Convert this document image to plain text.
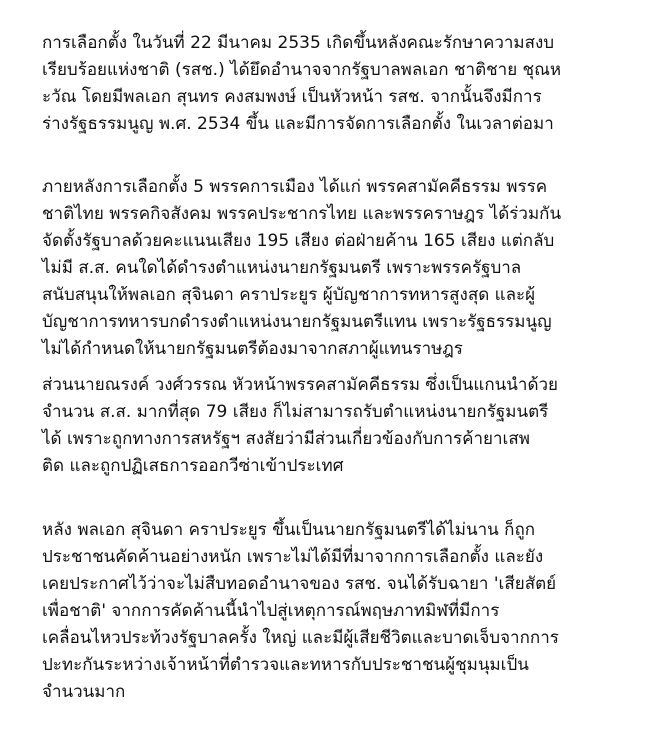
การเลือกตั้ง ในวันที่ 22 มีนาคม 2535 เกิดขึ้นหลังคณะรักษาความสงบ
เรียบร้อยแห่งชาติ (รสช.) ได้ยึดอำนาจจากรัฐบาลพลเอก ชาติชาย ชุณห
ะวัณ โดยมีพลเอก สุนทร คงสมพงษ์ เป็นหัวหน้า รสช. จากนั้นจึงมีการ
ร่างรัฐธรรมนูญ พ.ศ. 2534 ขึ้น และมีการจัดการเลือกตั้ง ในเวลาต่อมา

ภายหลังการเลือกตั้ง 5 พรรคการเมือง ได้แก่ พรรคสามัคคีธรรม พรรค
ชาติไทย พรรคกิจสังคม พรรคประชากรไทย และพรรคราษฎร ได้ร่วมกัน
จัดตั้งรัฐบาลด้วยคะแนนเสียง 195 เสียง ต่อฝ่ายค้าน 165 เสียง แต่กลับ
ไม่มี ส.ส. คนใดได้ดำรงตำแหน่งนายกรัฐมนตรี เพราะพรรครัฐบาล
สนับสนุนให้พลเอก สุจินดา คราประยูร ผู้บัญชาการทหารสูงสุด และผู้
บัญชาการทหารบกดำรงตำแหน่งนายกรัฐมนตรีแทน เพราะรัฐธรรมนูญ
ไม่ได้กำหนดให้นายกรัฐมนตรีต้องมาจากสภาผู้แทนราษฎร

ส่วนนายณรงค์ วงศ์วรรณ หัวหน้าพรรคสามัคคีธรรม ซึ่งเป็นแกนนำด้วย
จำนวน ส.ส. มากที่สุด 79 เสียง ก็ไม่สามารถรับตำแหน่งนายกรัฐมนตรี
ได้ เพราะถูกทางการสหรัฐฯ สงสัยว่ามีส่วนเกี่ยวข้องกับการค้ายาเสพ
ติด และถูกปฏิเสธการออกวีซ่าเข้าประเทศ

หลัง พลเอก สุจินดา คราประยูร ขึ้นเป็นนายกรัฐมนตรีได้ไม่นาน ก็ถูก
ประชาชนคัดค้านอย่างหนัก เพราะไม่ได้มีที่มาจากการเลือกตั้ง และยัง
เคยประกาศไว้ว่าจะไม่สืบทอดอำนาจของ รสช. จนได้รับฉายา 'เสียสัตย์
เพื่อชาติ' จากการคัดค้านนี้นำไปสู่เหตุการณ์พฤษภาทมิฬที่มีการ
เคลื่อนไหวประท้วงรัฐบาลครั้ง ใหญ่ และมีผู้เสียชีวิตและบาดเจ็บจากการ
ปะทะกันระหว่างเจ้าหน้าที่ตำรวจและทหารกับประชาชนผู้ชุมนุมเป็น
จำนวนมาก
